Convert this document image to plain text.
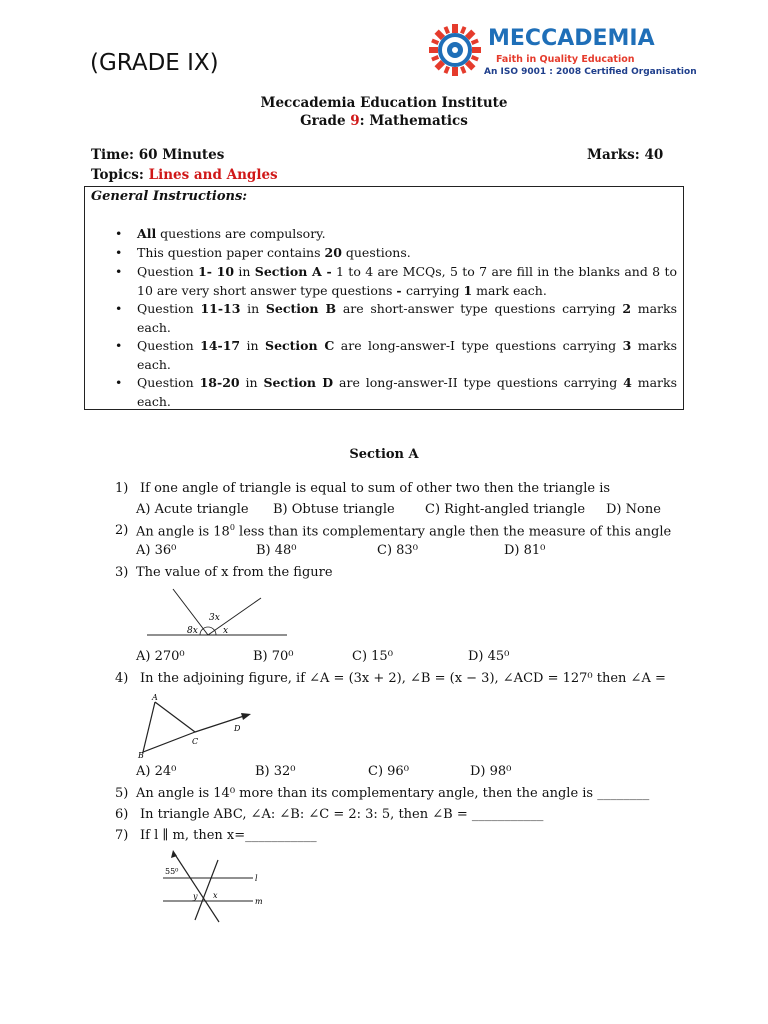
(GRADE IX)
MECCADEMIA
Faith in Quality Education
An ISO 9001 : 2008 Certified Organisation
Meccademia Education Institute
Grade 9: Mathematics
Time: 60 Minutes	Marks: 40
Topics: Lines and Angles
General Instructions:
• All questions are compulsory.
• This question paper contains 20 questions.
• Question 1- 10 in Section A - 1 to 4 are MCQs, 5 to 7 are fill in the blanks and 8 to 10 are very short answer type questions - carrying 1 mark each.
• Question 11-13 in Section B are short-answer type questions carrying 2 marks each.
• Question 14-17 in Section C are long-answer-I type questions carrying 3 marks each.
• Question 18-20 in Section D are long-answer-II type questions carrying 4 marks each.
Section A
1) If one angle of triangle is equal to sum of other two then the triangle is
A) Acute triangle B) Obtuse triangle C) Right-angled triangle D) None
2) An angle is $18^0$ less than its complementary angle then the measure of this angle
A) 36⁰	B) 48⁰	C) 83⁰	D) 81⁰
3) The value of x from the figure
3x
8x	x
A) 270⁰	B) 70⁰	C) 15⁰	D) 45⁰
4) In the adjoining figure, if ∠A = (3x + 2), ∠B = (x − 3), ∠ACD = 127⁰ then ∠A =
A
B
C
D
A) 24⁰	B) 32⁰	C) 96⁰	D) 98⁰
5) An angle is 14⁰ more than its complementary angle, then the angle is ________
6) In triangle ABC, ∠A: ∠B: ∠C = 2: 3: 5, then ∠B = ___________
7) If l ∥ m, then x=___________
55⁰
x
y
l
m
